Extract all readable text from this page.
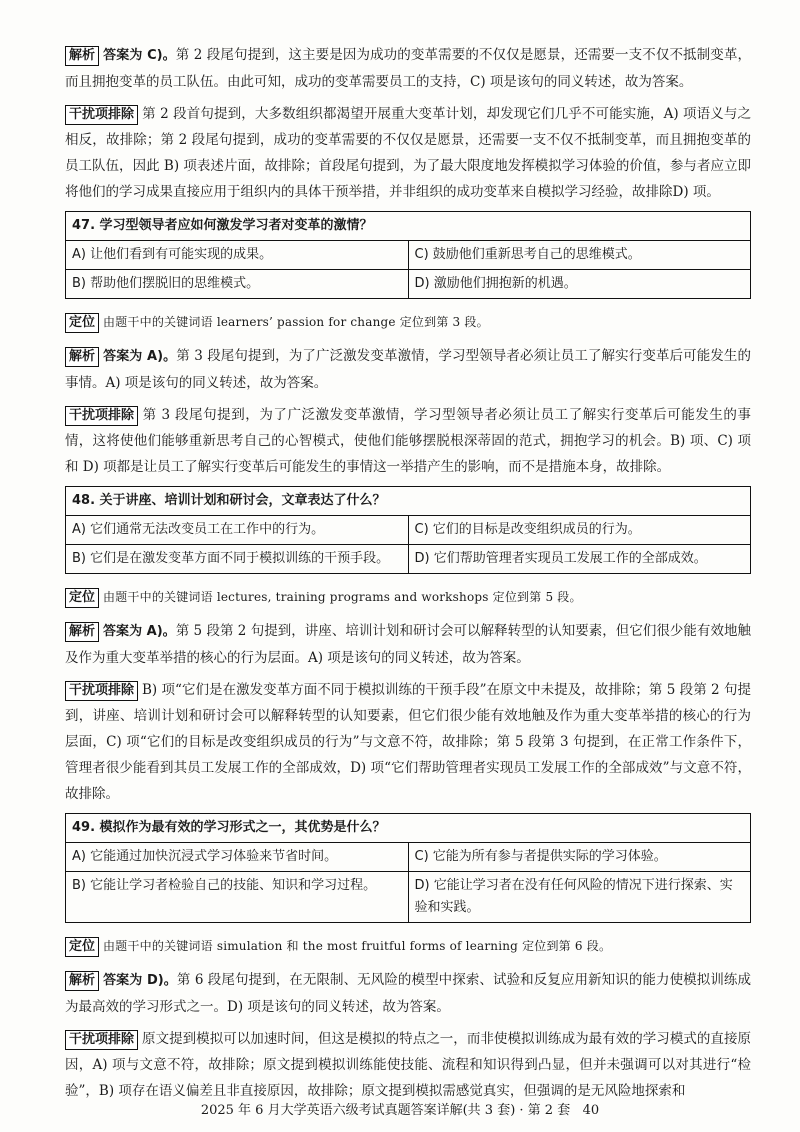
解析 答案为 C)。第 2 段尾句提到，这主要是因为成功的变革需要的不仅仅是愿景，还需要一支不仅不抵制变革，而且拥抱变革的员工队伍。由此可知，成功的变革需要员工的支持，C) 项是该句的同义转述，故为答案。

干扰项排除 第 2 段首句提到，大多数组织都渴望开展重大变革计划，却发现它们几乎不可能实施，A) 项语义与之相反，故排除；第 2 段尾句提到，成功的变革需要的不仅仅是愿景，还需要一支不仅不抵制变革，而且拥抱变革的员工队伍，因此 B) 项表述片面，故排除；首段尾句提到，为了最大限度地发挥模拟学习体验的价值，参与者应立即将他们的学习成果直接应用于组织内的具体干预举措，并非组织的成功变革来自模拟学习经验，故排除D) 项。

47. 学习型领导者应如何激发学习者对变革的激情？	
A) 让他们看到有可能实现的成果。	C) 鼓励他们重新思考自己的思维模式。
B) 帮助他们摆脱旧的思维模式。	D) 激励他们拥抱新的机遇。

定位 由题干中的关键词语 learners’ passion for change 定位到第 3 段。

解析 答案为 A)。第 3 段尾句提到，为了广泛激发变革激情，学习型领导者必须让员工了解实行变革后可能发生的事情。A) 项是该句的同义转述，故为答案。

干扰项排除 第 3 段尾句提到，为了广泛激发变革激情，学习型领导者必须让员工了解实行变革后可能发生的事情，这将使他们能够重新思考自己的心智模式，使他们能够摆脱根深蒂固的范式，拥抱学习的机会。B) 项、C) 项和 D) 项都是让员工了解实行变革后可能发生的事情这一举措产生的影响，而不是措施本身，故排除。

48. 关于讲座、培训计划和研讨会，文章表达了什么？	
A) 它们通常无法改变员工在工作中的行为。	C) 它们的目标是改变组织成员的行为。
B) 它们是在激发变革方面不同于模拟训练的干预手段。	D) 它们帮助管理者实现员工发展工作的全部成效。

定位 由题干中的关键词语 lectures, training programs and workshops 定位到第 5 段。

解析 答案为 A)。第 5 段第 2 句提到，讲座、培训计划和研讨会可以解释转型的认知要素，但它们很少能有效地触及作为重大变革举措的核心的行为层面。A) 项是该句的同义转述，故为答案。

干扰项排除 B) 项“它们是在激发变革方面不同于模拟训练的干预手段”在原文中未提及，故排除；第 5 段第 2 句提到，讲座、培训计划和研讨会可以解释转型的认知要素，但它们很少能有效地触及作为重大变革举措的核心的行为层面，C) 项“它们的目标是改变组织成员的行为”与文意不符，故排除；第 5 段第 3 句提到，在正常工作条件下，管理者很少能看到其员工发展工作的全部成效，D) 项“它们帮助管理者实现员工发展工作的全部成效”与文意不符，故排除。

49. 模拟作为最有效的学习形式之一，其优势是什么？	
A) 它能通过加快沉浸式学习体验来节省时间。	C) 它能为所有参与者提供实际的学习体验。
B) 它能让学习者检验自己的技能、知识和学习过程。	D) 它能让学习者在没有任何风险的情况下进行探索、实验和实践。

定位 由题干中的关键词语 simulation 和 the most fruitful forms of learning 定位到第 6 段。

解析 答案为 D)。第 6 段尾句提到，在无限制、无风险的模型中探索、试验和反复应用新知识的能力使模拟训练成为最高效的学习形式之一。D) 项是该句的同义转述，故为答案。

干扰项排除 原文提到模拟可以加速时间，但这是模拟的特点之一，而非使模拟训练成为最有效的学习模式的直接原因，A) 项与文意不符，故排除；原文提到模拟训练能使技能、流程和知识得到凸显，但并未强调可以对其进行“检验”，B) 项存在语义偏差且非直接原因，故排除；原文提到模拟需感觉真实，但强调的是无风险地探索和

2025 年 6 月大学英语六级考试真题答案详解(共 3 套) · 第 2 套 40
